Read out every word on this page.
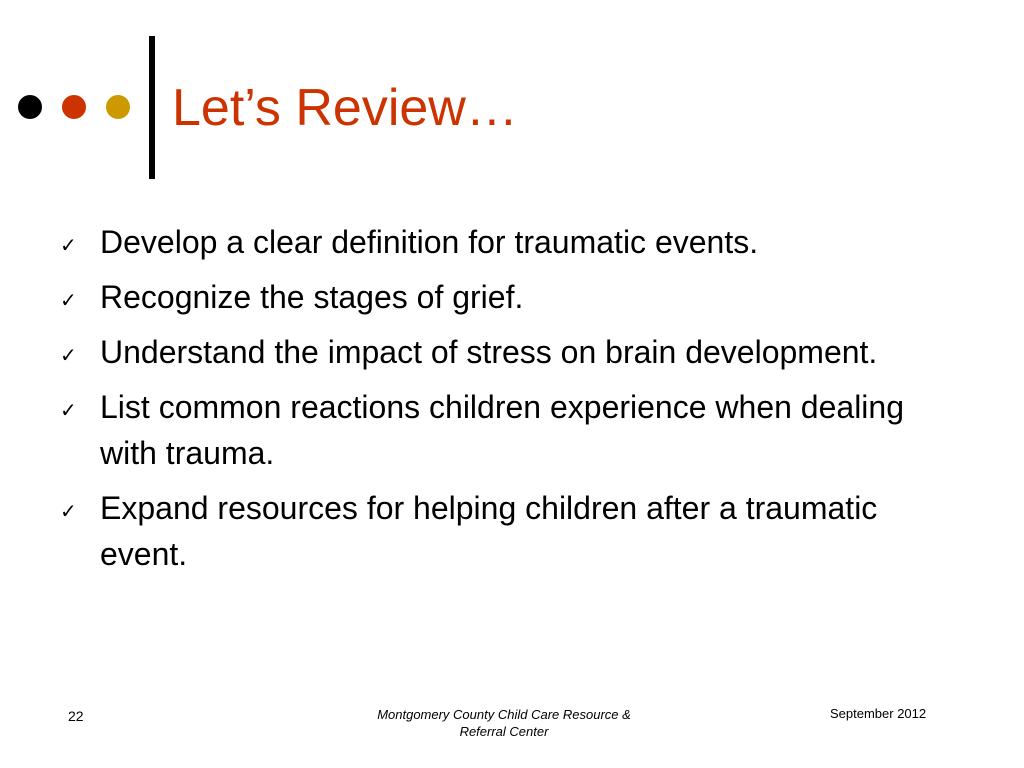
Let’s Review…
✓ Develop a clear definition for traumatic events.
✓ Recognize the stages of grief.
✓ Understand the impact of stress on brain development.
✓ List common reactions children experience when dealing with trauma.
✓ Expand resources for helping children after a traumatic event.
22	Montgomery County Child Care Resource &
Referral Center
September 2012
